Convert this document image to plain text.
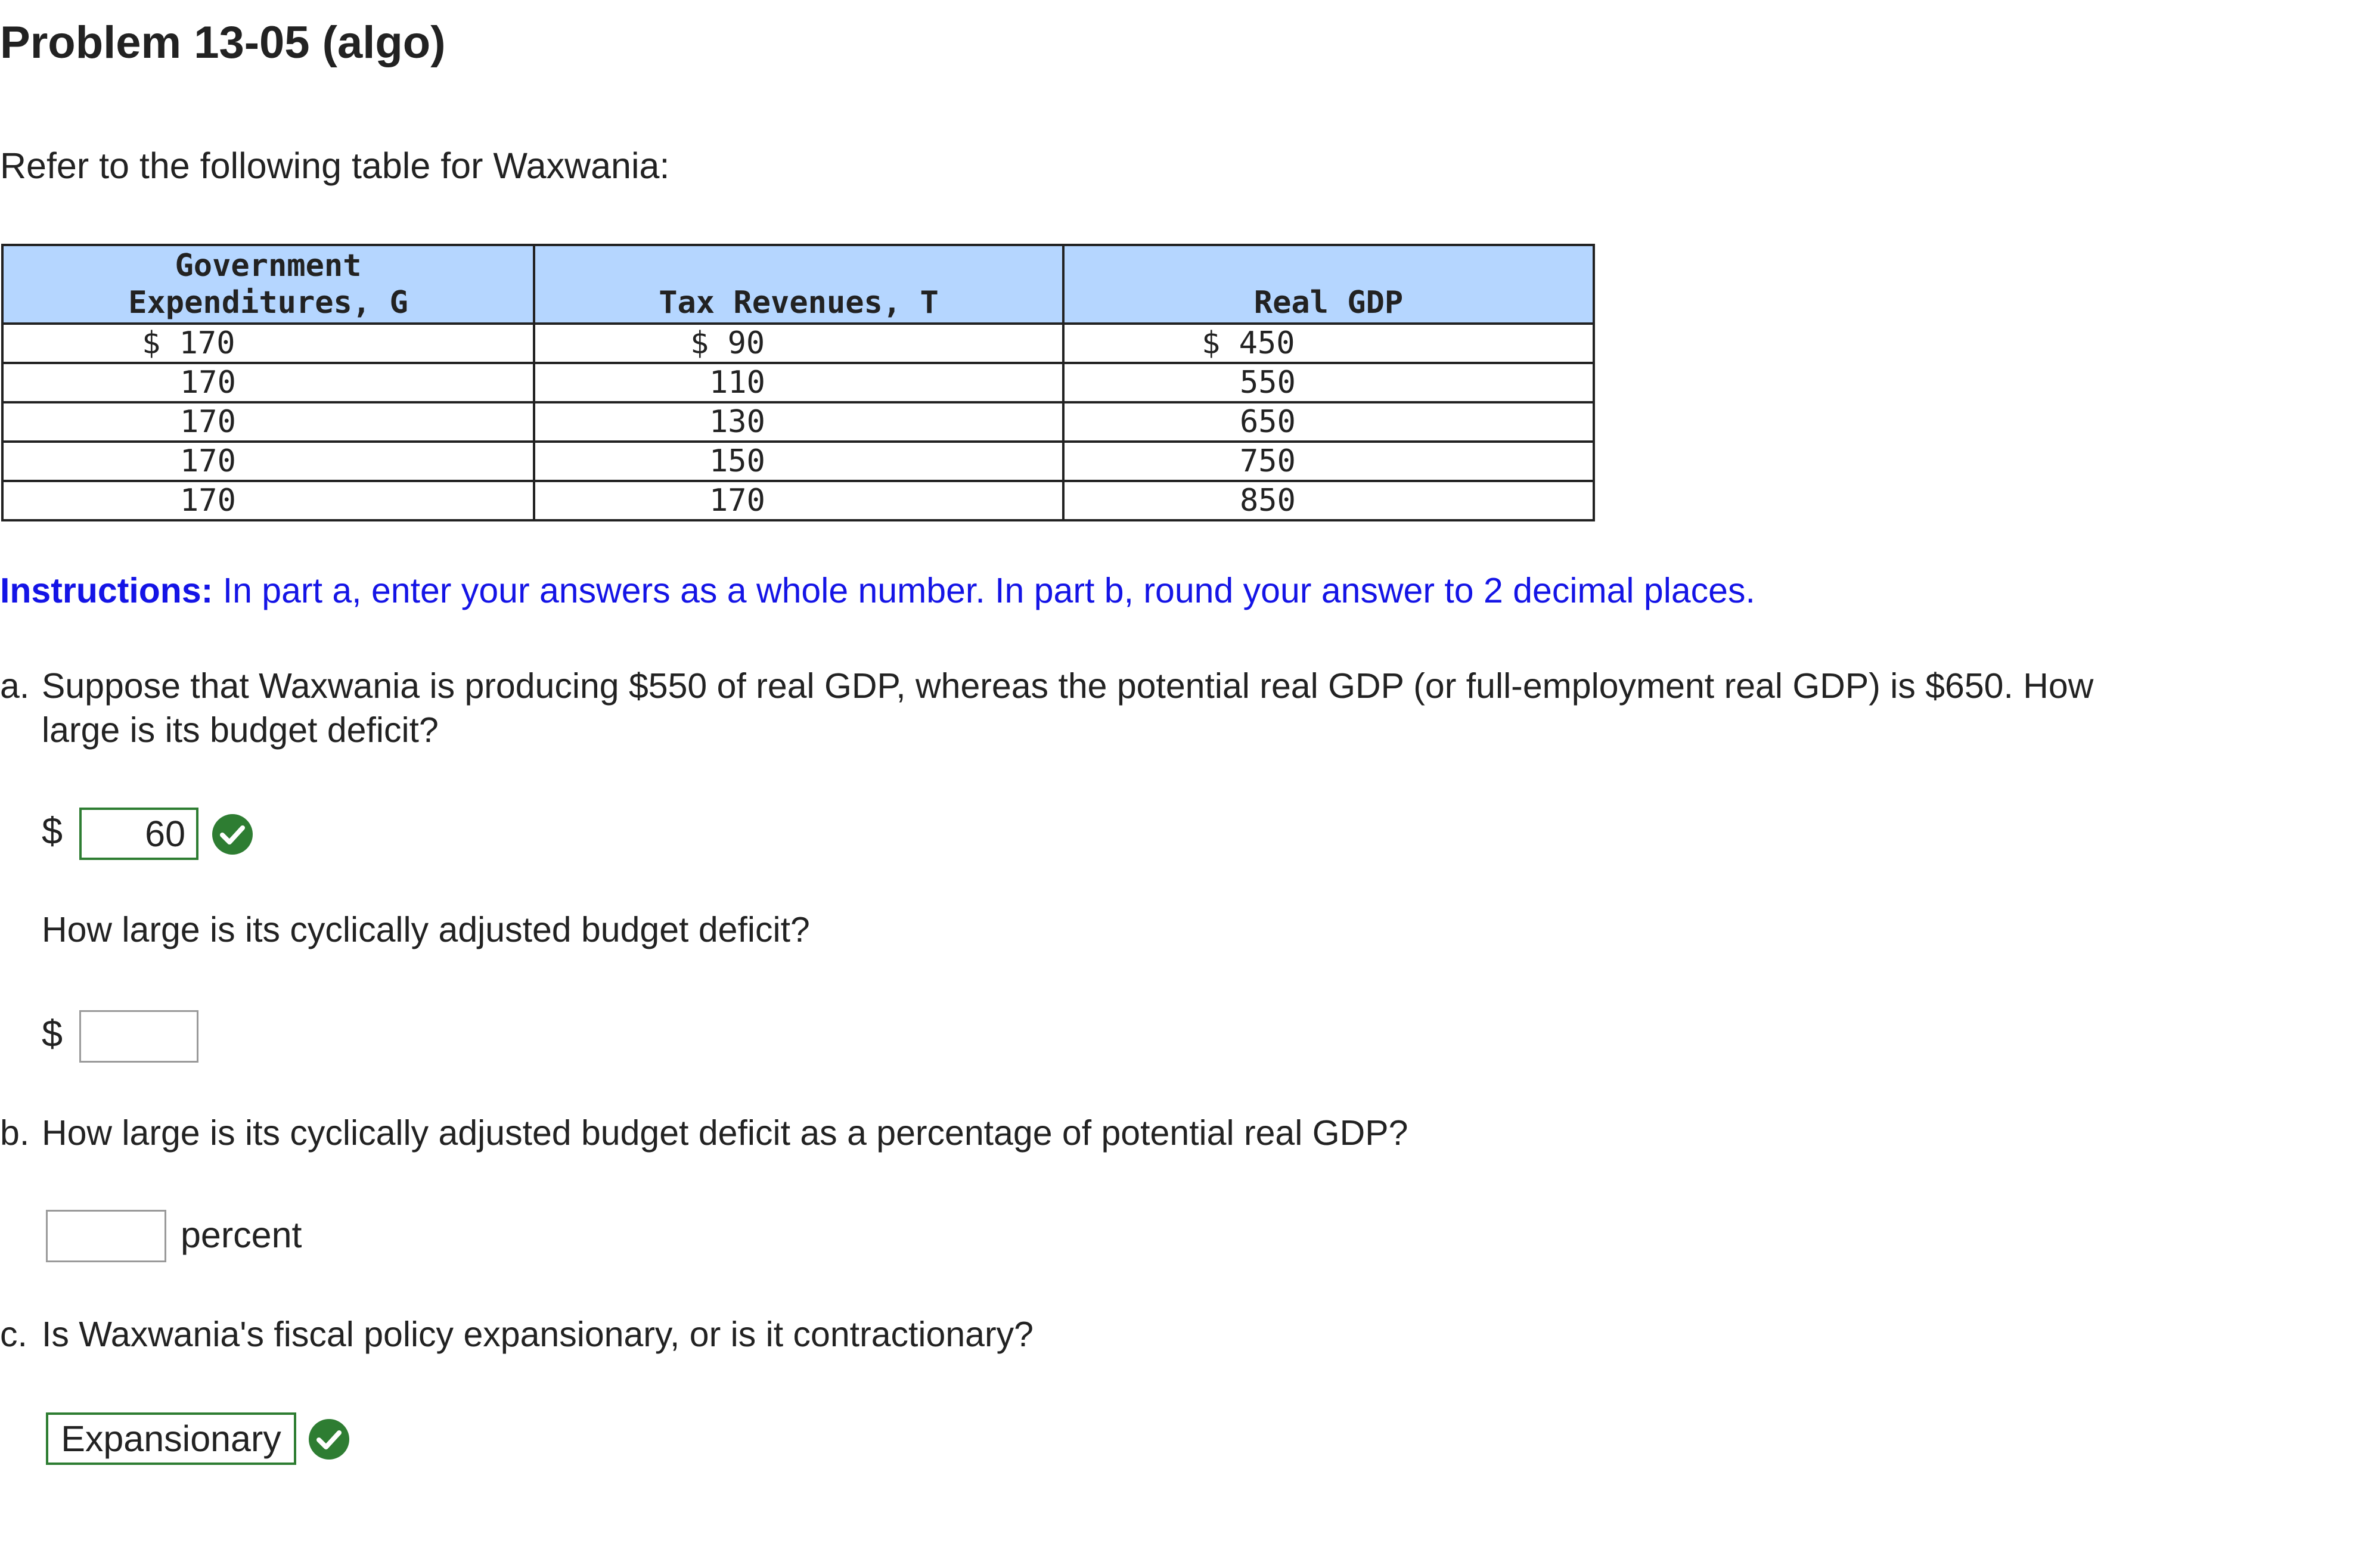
Problem 13-05 (algo)
Refer to the following table for Waxwania:
Government
Expenditures, G	Tax Revenues, T	Real GDP
$ 170	$ 90	$ 450
170	110	550
170	130	650
170	150	750
170	170	850
Instructions: In part a, enter your answers as a whole number. In part b, round your answer to 2 decimal places.
a. Suppose that Waxwania is producing $550 of real GDP, whereas the potential real GDP (or full-employment real GDP) is $650. How
large is its budget deficit?
$	60
How large is its cyclically adjusted budget deficit?
$
b. How large is its cyclically adjusted budget deficit as a percentage of potential real GDP?
percent
c. Is Waxwania's fiscal policy expansionary, or is it contractionary?
Expansionary
